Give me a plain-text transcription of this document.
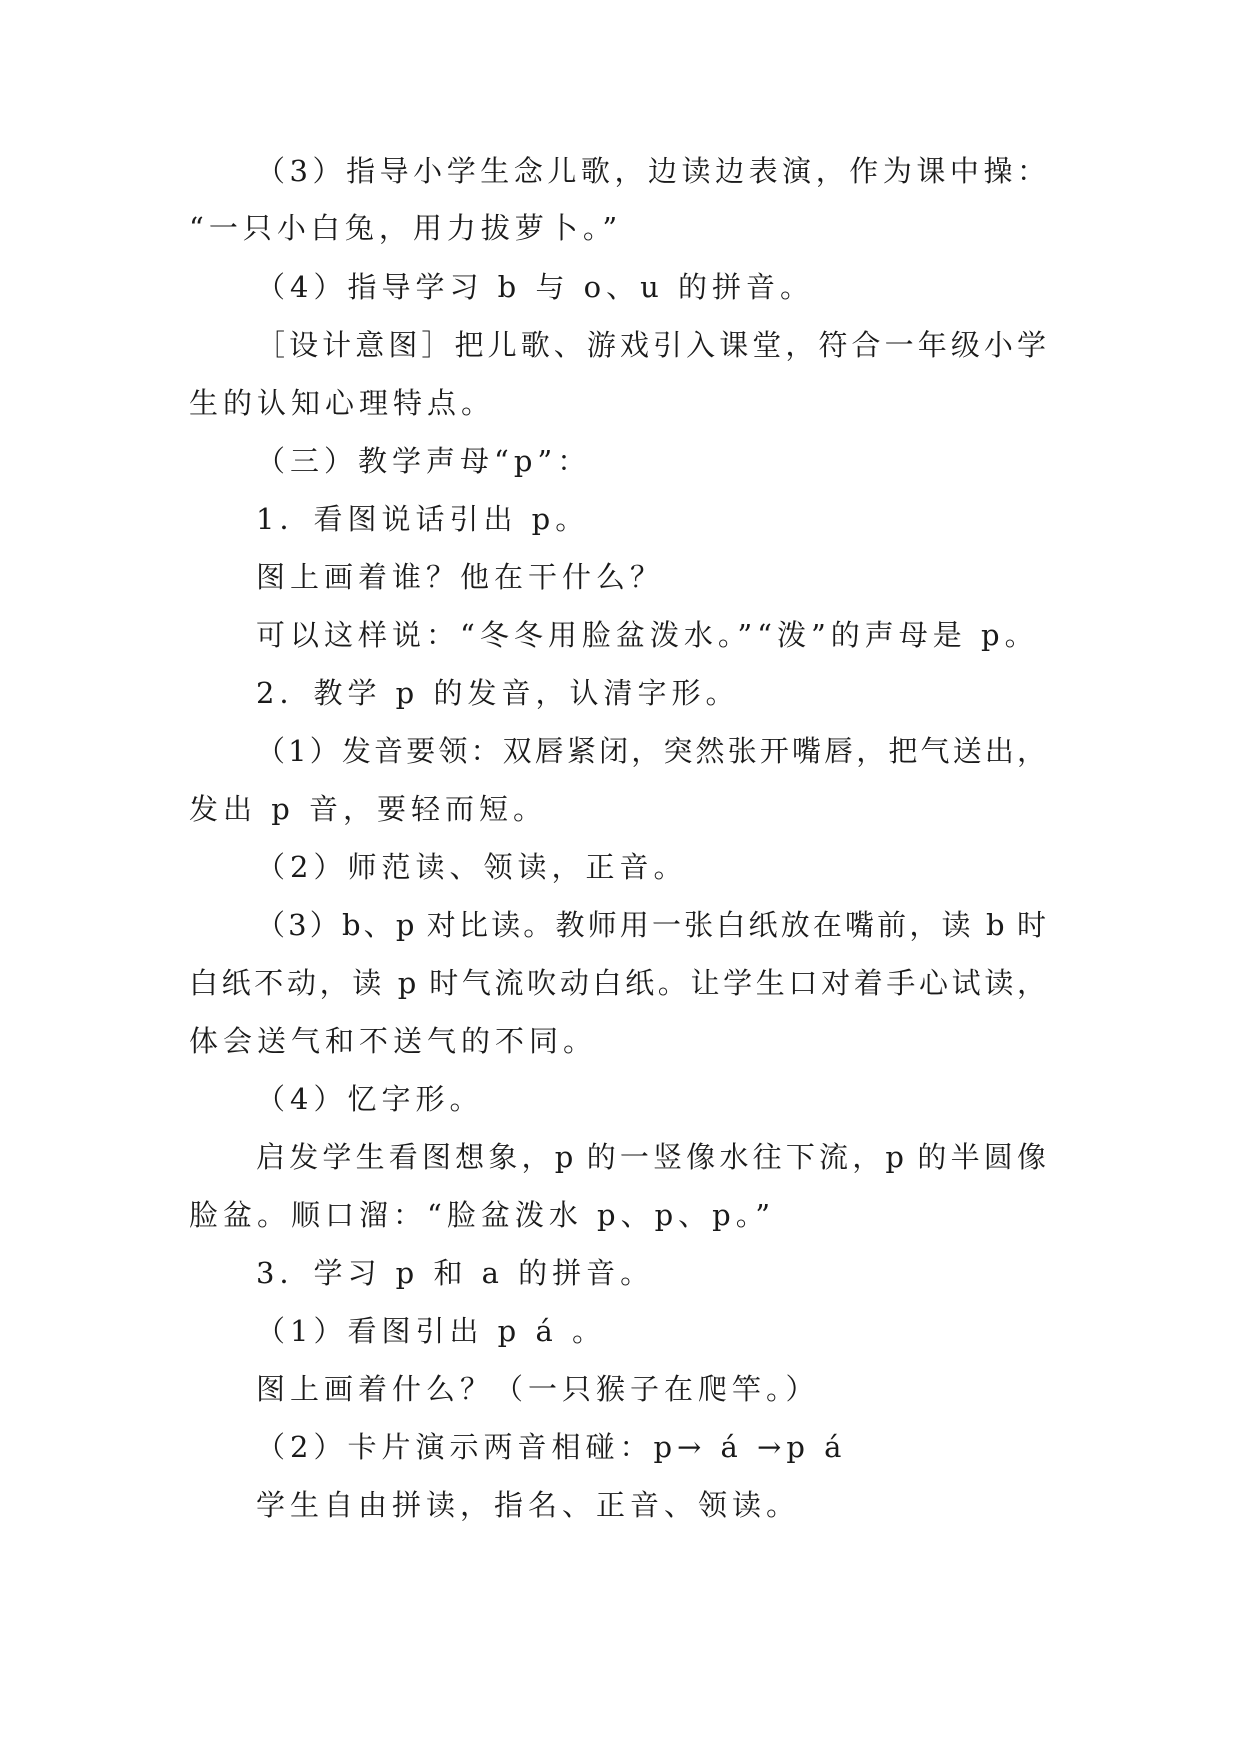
（3）指导小学生念儿歌，边读边表演，作为课中操：

“一只小白兔，用力拔萝卜。”

（4）指导学习 b 与 o、u 的拼音。

［设计意图］把儿歌、游戏引入课堂，符合一年级小学

生的认知心理特点。

（三）教学声母“p”：

1．看图说话引出 p。

图上画着谁？他在干什么？

可以这样说：“冬冬用脸盆泼水。”“泼”的声母是 p。

2．教学 p 的发音，认清字形。

（1）发音要领：双唇紧闭，突然张开嘴唇，把气送出，

发出 p 音，要轻而短。

（2）师范读、领读，正音。

（3）b、p 对比读。教师用一张白纸放在嘴前，读 b 时

白纸不动，读 p 时气流吹动白纸。让学生口对着手心试读，

体会送气和不送气的不同。

（4）忆字形。

启发学生看图想象，p 的一竖像水往下流，p 的半圆像

脸盆。顺口溜：“脸盆泼水 p、p、p。”

3．学习 p 和 a 的拼音。

（1）看图引出 p á 。

图上画着什么？（一只猴子在爬竿。）

（2）卡片演示两音相碰：p→ á →p á

学生自由拼读，指名、正音、领读。
